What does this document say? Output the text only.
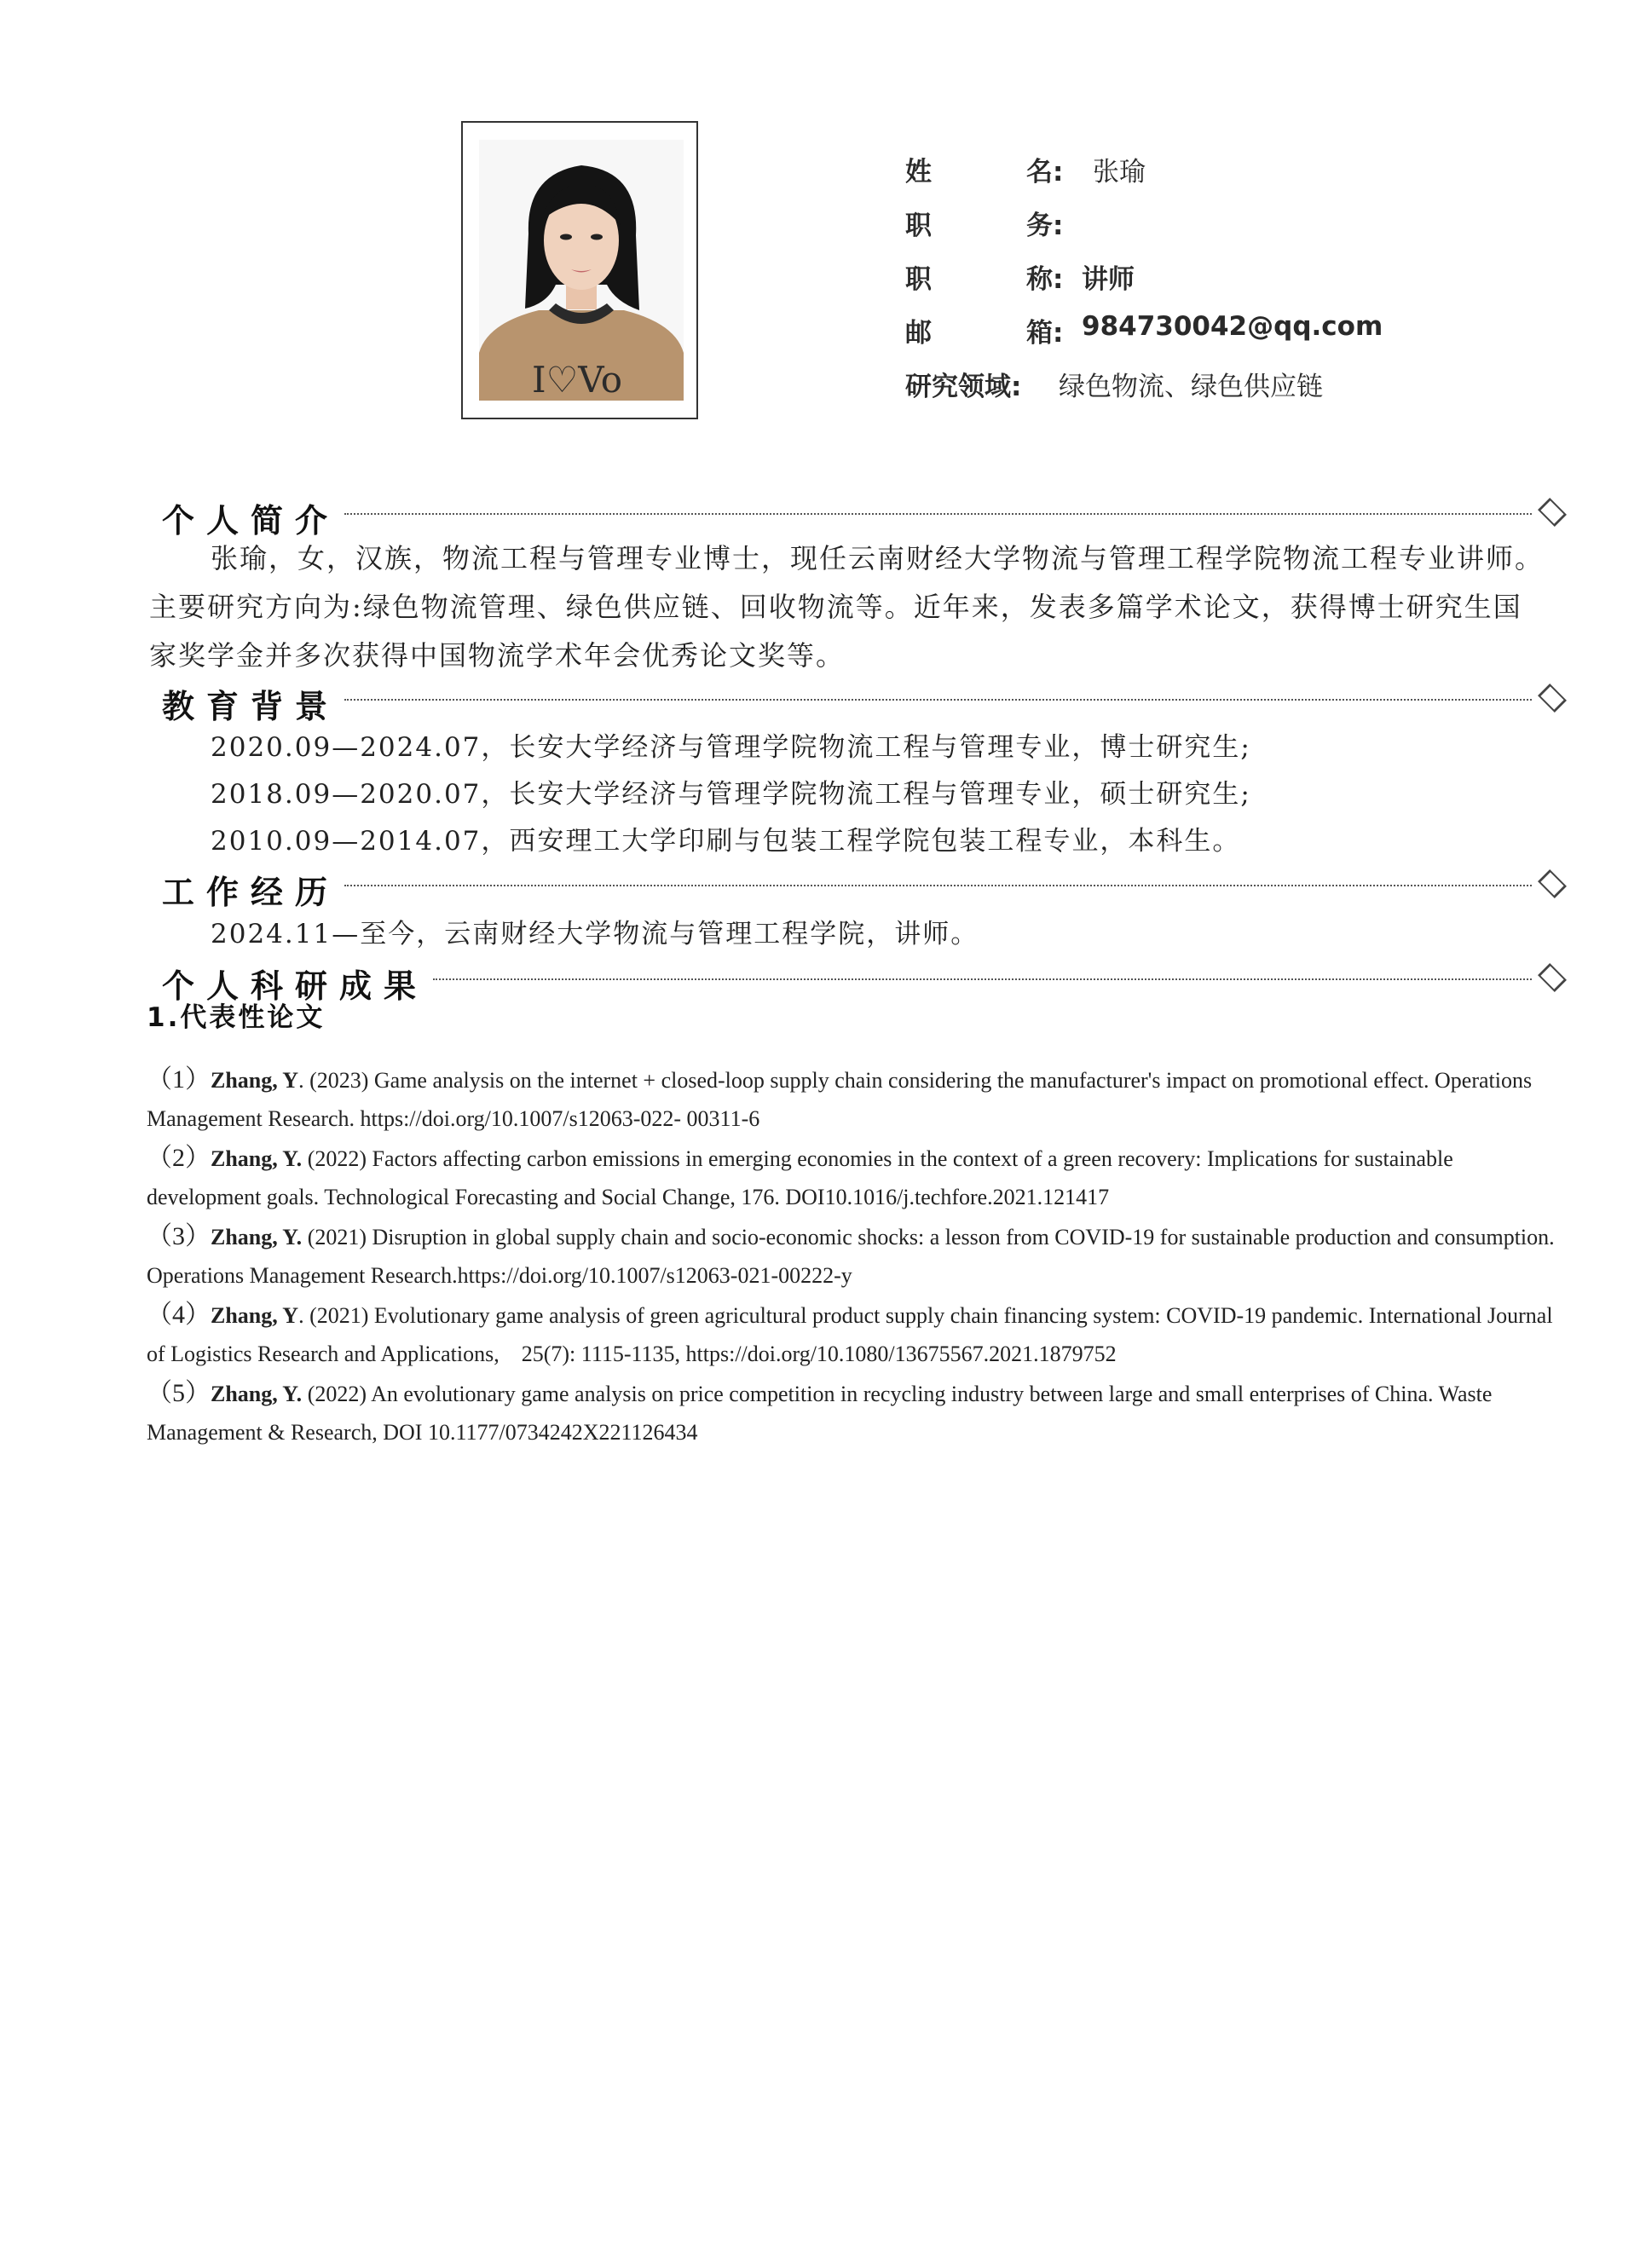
I♡Vo
姓	名: 张瑜
职	务:
职	称: 讲师
邮	箱: 984730042@qq.com
研究领域:	绿色物流、绿色供应链
个人简介
张瑜，女，汉族，物流工程与管理专业博士，现任云南财经大学物流与管理工程学院物流工程专业讲师。主要研究方向为:绿色物流管理、绿色供应链、回收物流等。近年来，发表多篇学术论文，获得博士研究生国家奖学金并多次获得中国物流学术年会优秀论文奖等。
教育背景
2020.09—2024.07，长安大学经济与管理学院物流工程与管理专业，博士研究生;
2018.09—2020.07，长安大学经济与管理学院物流工程与管理专业，硕士研究生;
2010.09—2014.07，西安理工大学印刷与包装工程学院包装工程专业，本科生。
工作经历
2024.11—至今，云南财经大学物流与管理工程学院，讲师。
个人科研成果
1.代表性论文
（1）Zhang, Y. (2023) Game analysis on the internet + closed-loop supply chain considering the manufacturer's impact on promotional effect. Operations Management Research. https://doi.org/10.1007/s12063-022- 00311-6
（2）Zhang, Y. (2022) Factors affecting carbon emissions in emerging economies in the context of a green recovery: Implications for sustainable development goals. Technological Forecasting and Social Change, 176. DOI10.1016/j.techfore.2021.121417
（3）Zhang, Y. (2021) Disruption in global supply chain and socio-economic shocks: a lesson from COVID-19 for sustainable production and consumption. Operations Management Research.https://doi.org/10.1007/s12063-021-00222-y
（4）Zhang, Y. (2021) Evolutionary game analysis of green agricultural product supply chain financing system: COVID-19 pandemic. International Journal of Logistics Research and Applications,　25(7): 1115-1135, https://doi.org/10.1080/13675567.2021.1879752
（5）Zhang, Y. (2022) An evolutionary game analysis on price competition in recycling industry between large and small enterprises of China. Waste Management & Research, DOI 10.1177/0734242X221126434
